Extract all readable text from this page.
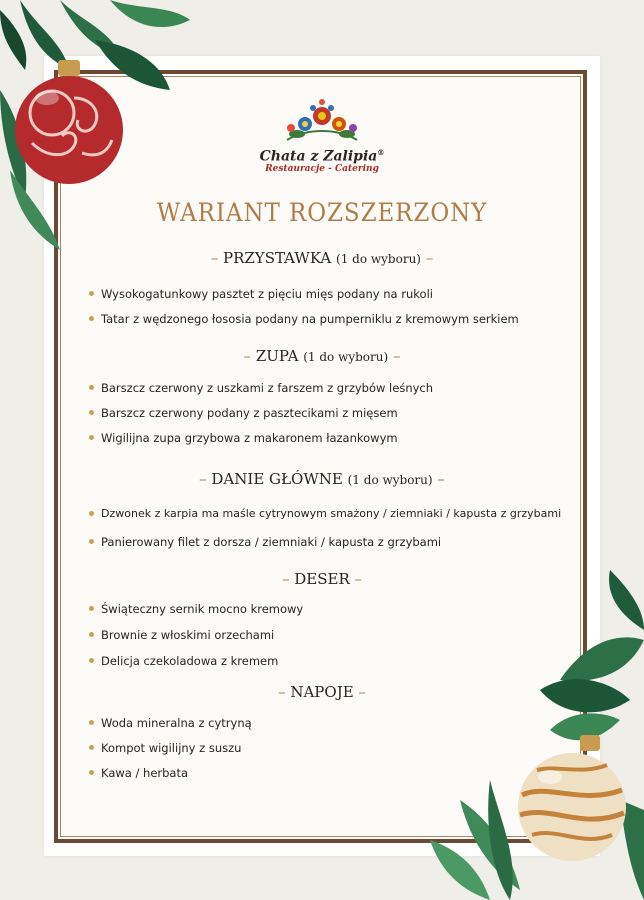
Chata z Zalipia®
Restauracje - Catering
WARIANT ROZSZERZONY
– PRZYSTAWKA (1 do wyboru) –
Wysokogatunkowy pasztet z pięciu mięs podany na rukoli
Tatar z wędzonego łososia podany na pumperniklu z kremowym serkiem
– ZUPA (1 do wyboru) –
Barszcz czerwony z uszkami z farszem z grzybów leśnych
Barszcz czerwony podany z pasztecikami z mięsem
Wigilijna zupa grzybowa z makaronem łazankowym
– DANIE GŁÓWNE (1 do wyboru) –
Dzwonek z karpia ma maśle cytrynowym smażony / ziemniaki / kapusta z grzybami
Panierowany filet z dorsza / ziemniaki / kapusta z grzybami
– DESER –
Świąteczny sernik mocno kremowy
Brownie z włoskimi orzechami
Delicja czekoladowa z kremem
– NAPOJE –
Woda mineralna z cytryną
Kompot wigilijny z suszu
Kawa / herbata
